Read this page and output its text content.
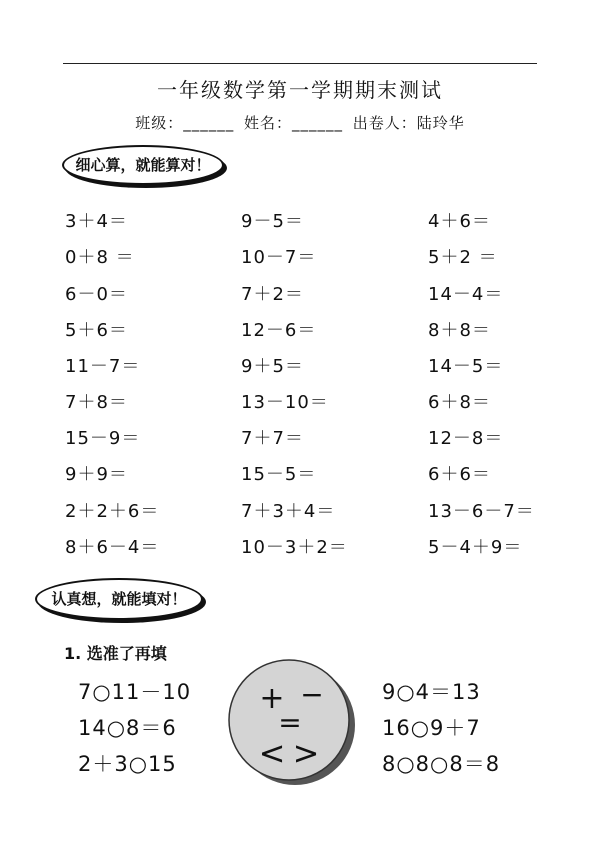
一年级数学第一学期期末测试
班级：______ 姓名：______ 出卷人：陆玲华
细心算，就能算对！
3＋4＝
0＋8 ＝
6－0＝
5＋6＝
11－7＝
7＋8＝
15－9＝
9＋9＝
2＋2＋6＝
8＋6－4＝
9－5＝
10－7＝
7＋2＝
12－6＝
9＋5＝
13－10＝
7＋7＝
15－5＝
7＋3＋4＝
10－3＋2＝
4＋6＝
5＋2 ＝
14－4＝
8＋8＝
14－5＝
6＋8＝
12－8＝
6＋6＝
13－6－7＝
5－4＋9＝
认真想，就能填对！
1. 选准了再填
7○11－10
14○8＝6
2＋3○15
9○4＝13
16○9＋7
8○8○8＝8
+ −
=
< >
